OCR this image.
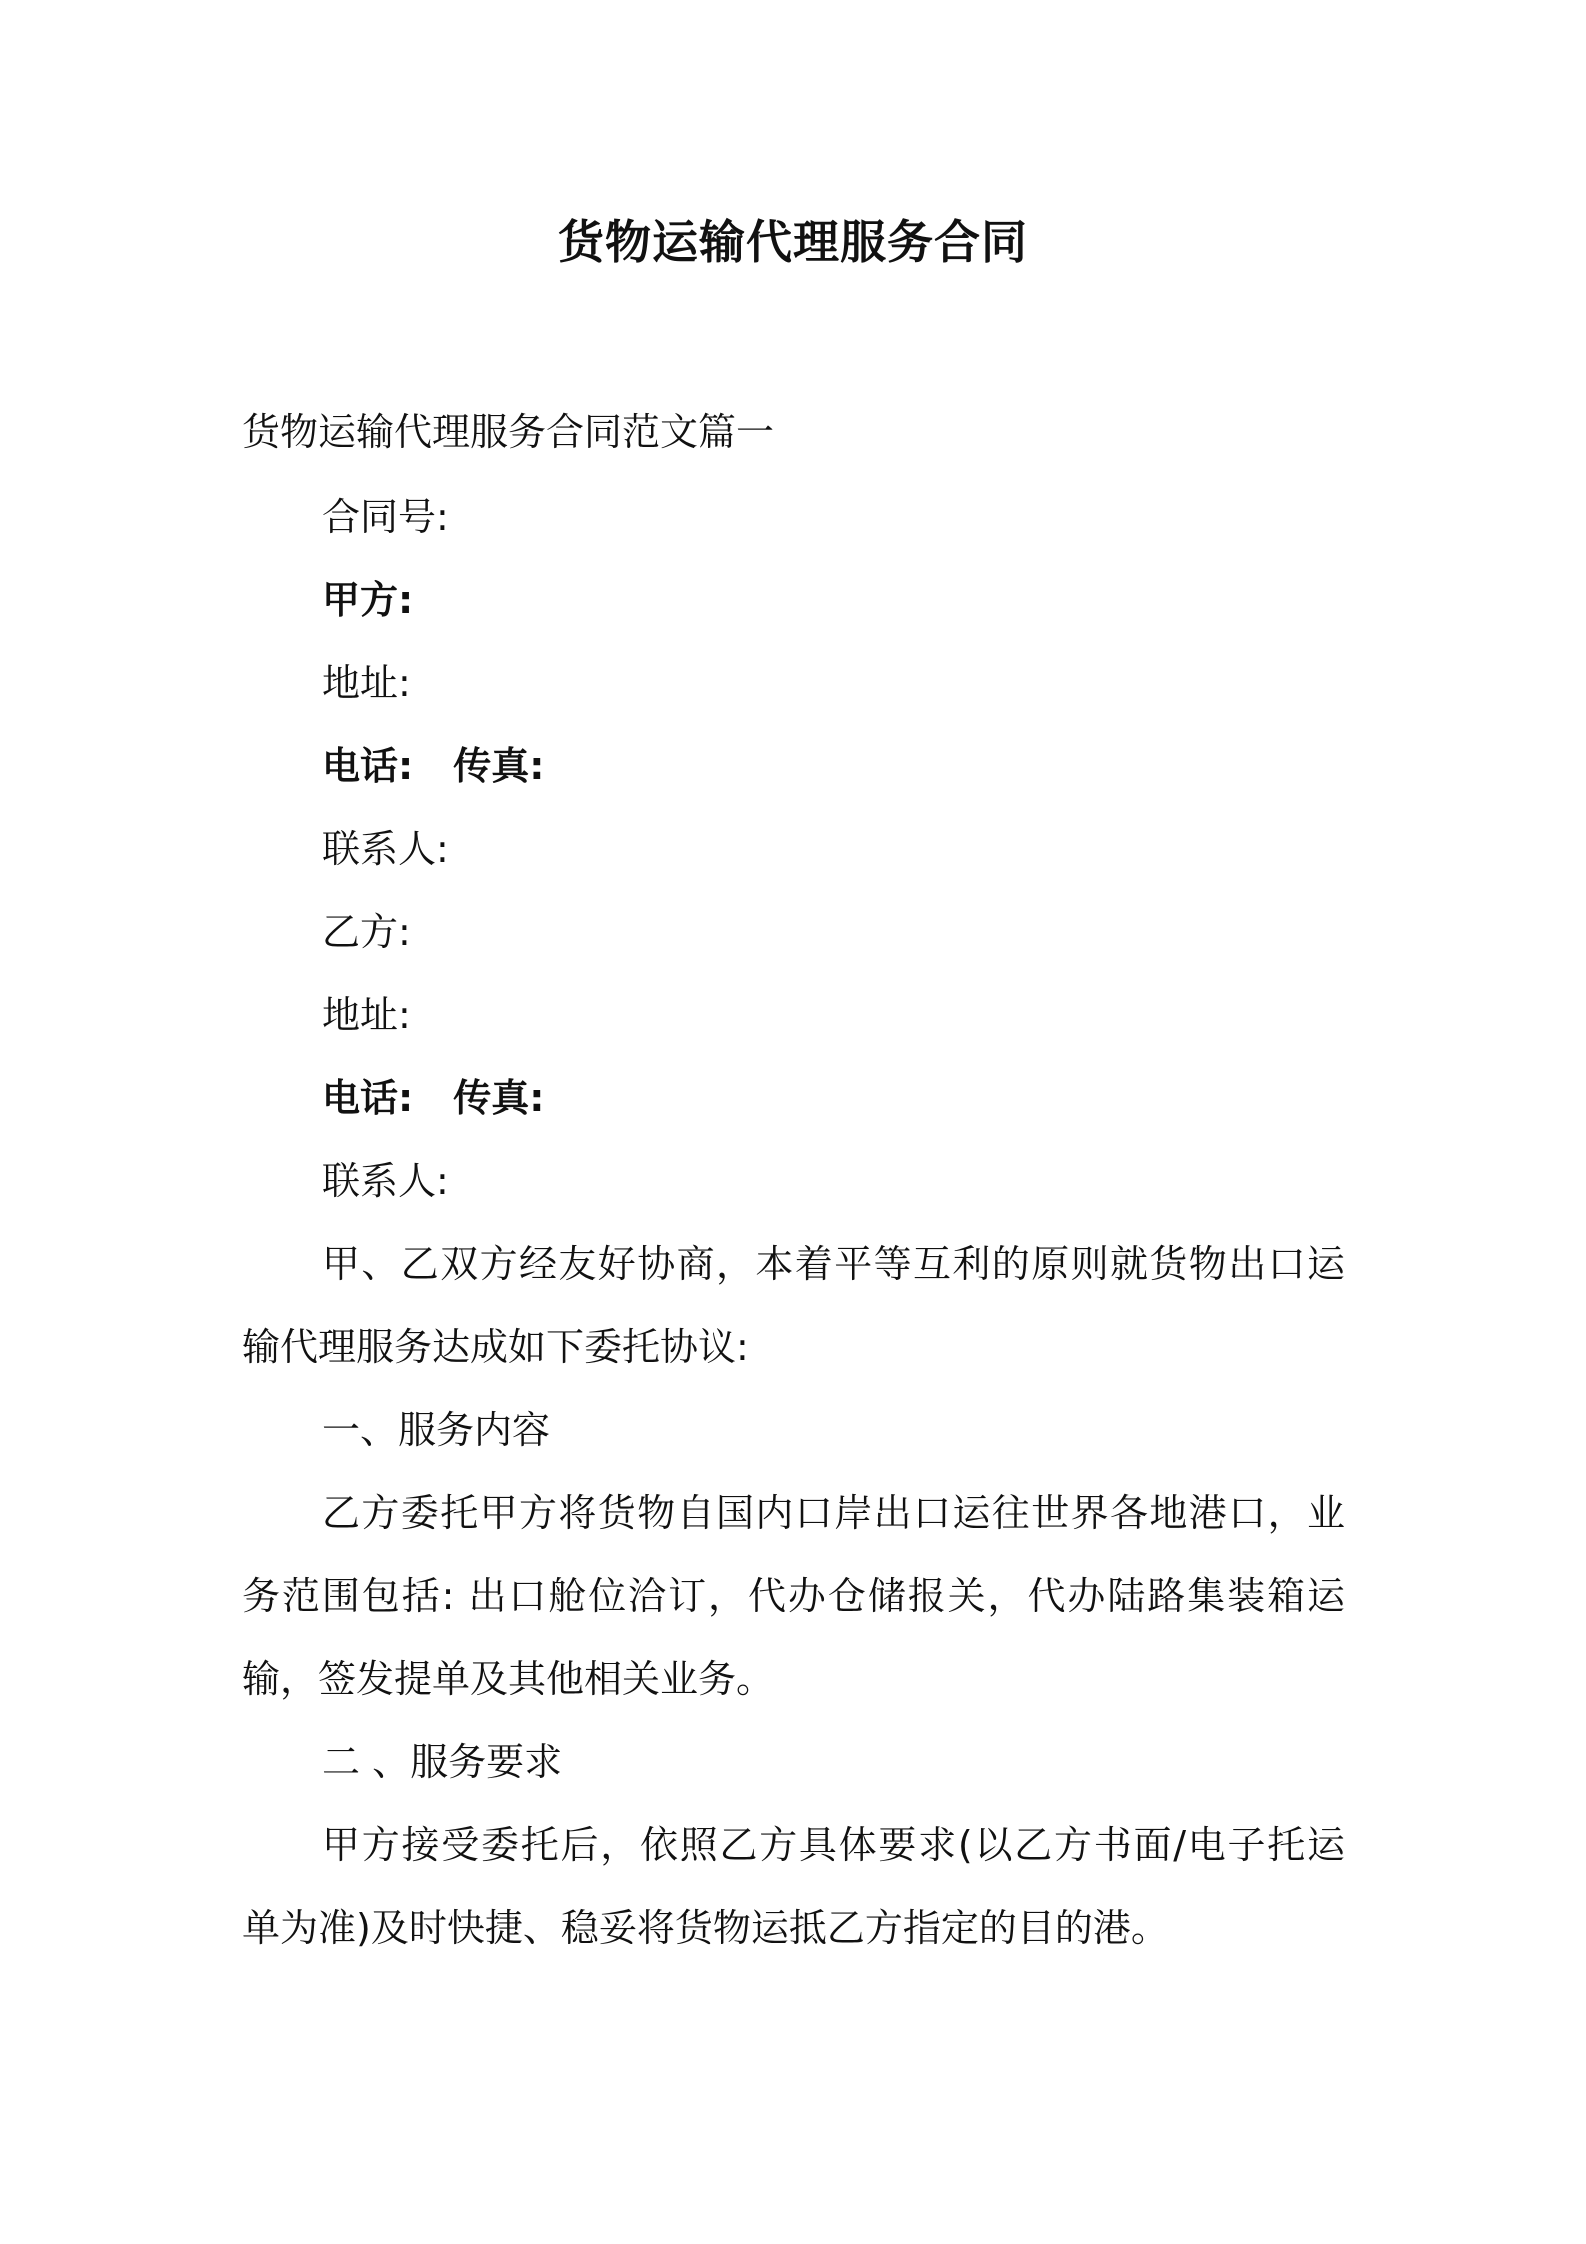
货物运输代理服务合同
货物运输代理服务合同范文篇一
合同号:
甲方:
地址:
电话: 传真:
联系人:
乙方:
地址:
电话: 传真:
联系人:
甲、乙双方经友好协商，本着平等互利的原则就货物出口运
输代理服务达成如下委托协议:
一、服务内容
乙方委托甲方将货物自国内口岸出口运往世界各地港口，业
务范围包括: 出口舱位洽订，代办仓储报关，代办陆路集装箱运
输，签发提单及其他相关业务。
二 、服务要求
甲方接受委托后，依照乙方具体要求(以乙方书面/电子托运
单为准)及时快捷、稳妥将货物运抵乙方指定的目的港。
